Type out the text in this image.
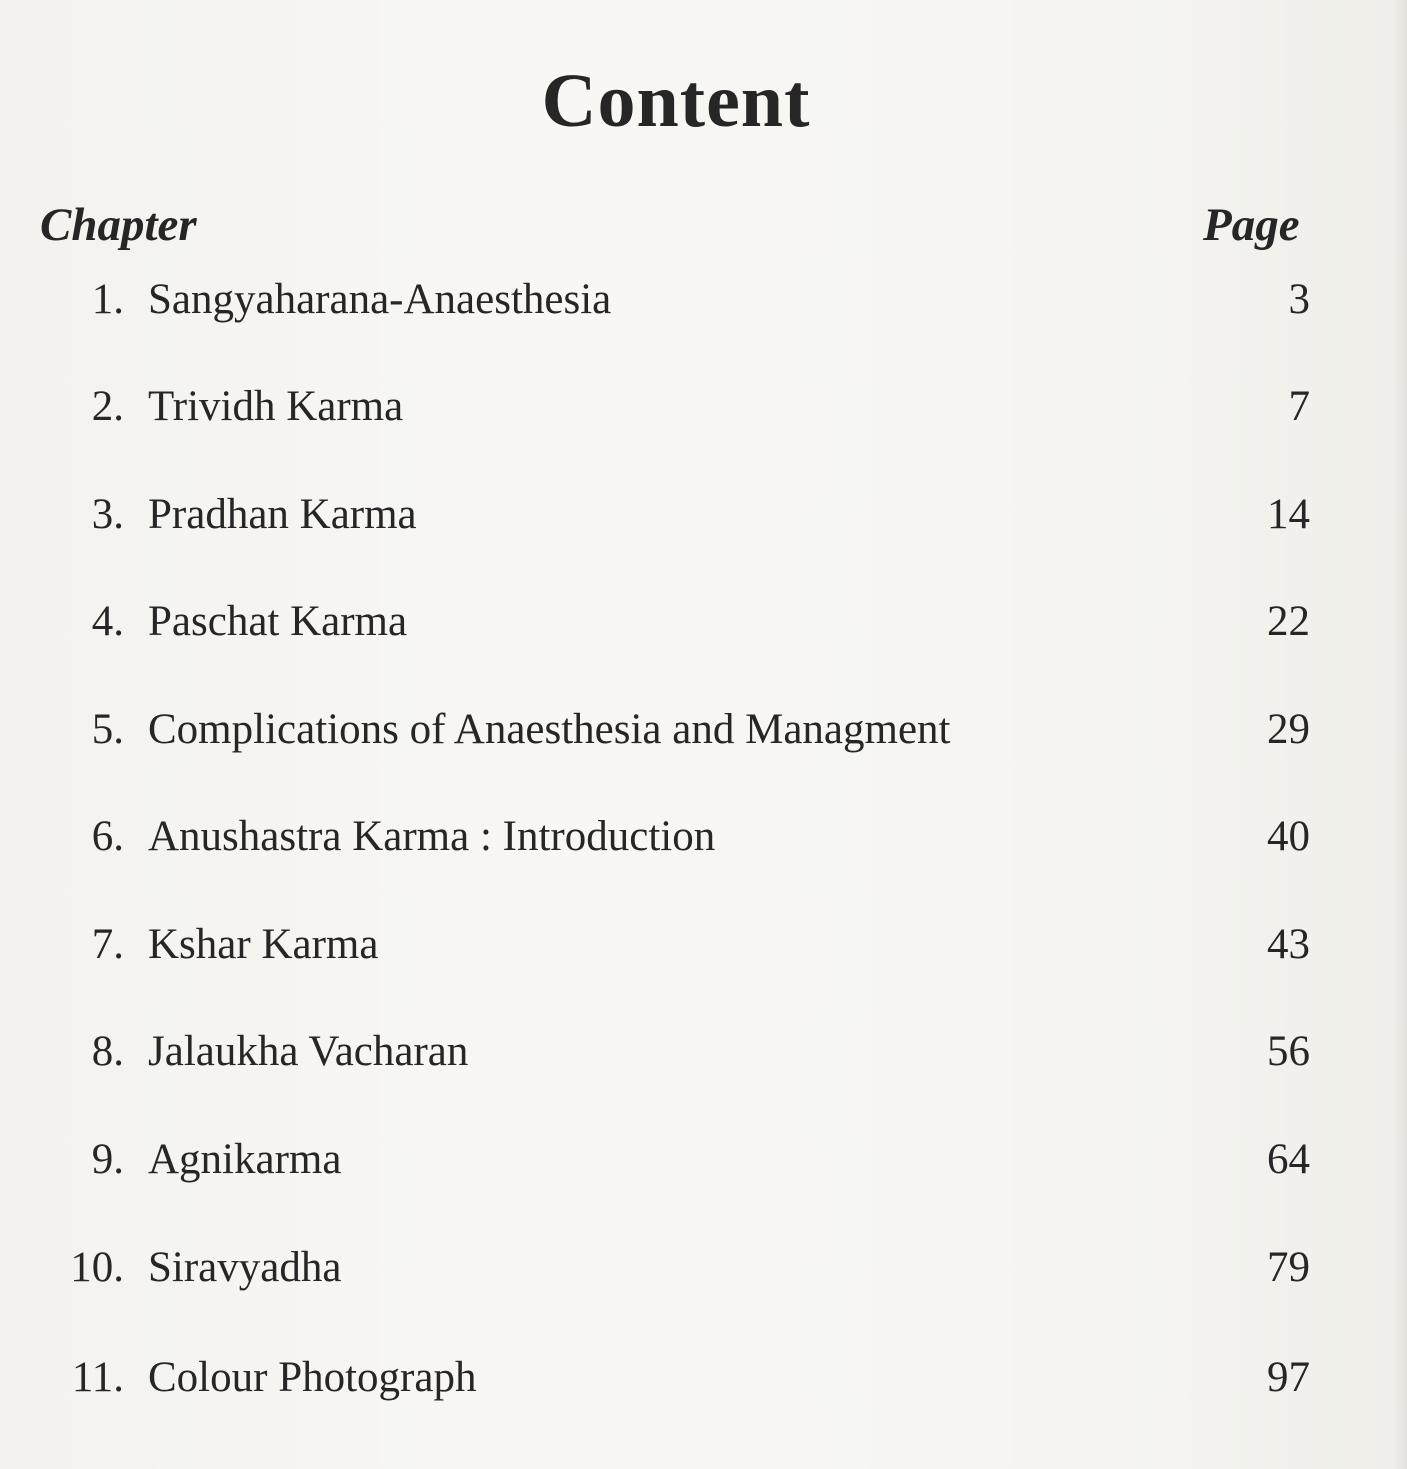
Content
Chapter	Page
1. Sangyaharana-Anaesthesia	3
2. Trividh Karma	7
3. Pradhan Karma	14
4. Paschat Karma	22
5. Complications of Anaesthesia and Managment	29
6. Anushastra Karma : Introduction	40
7. Kshar Karma	43
8. Jalaukha Vacharan	56
9. Agnikarma	64
10. Siravyadha	79
11. Colour Photograph	97
